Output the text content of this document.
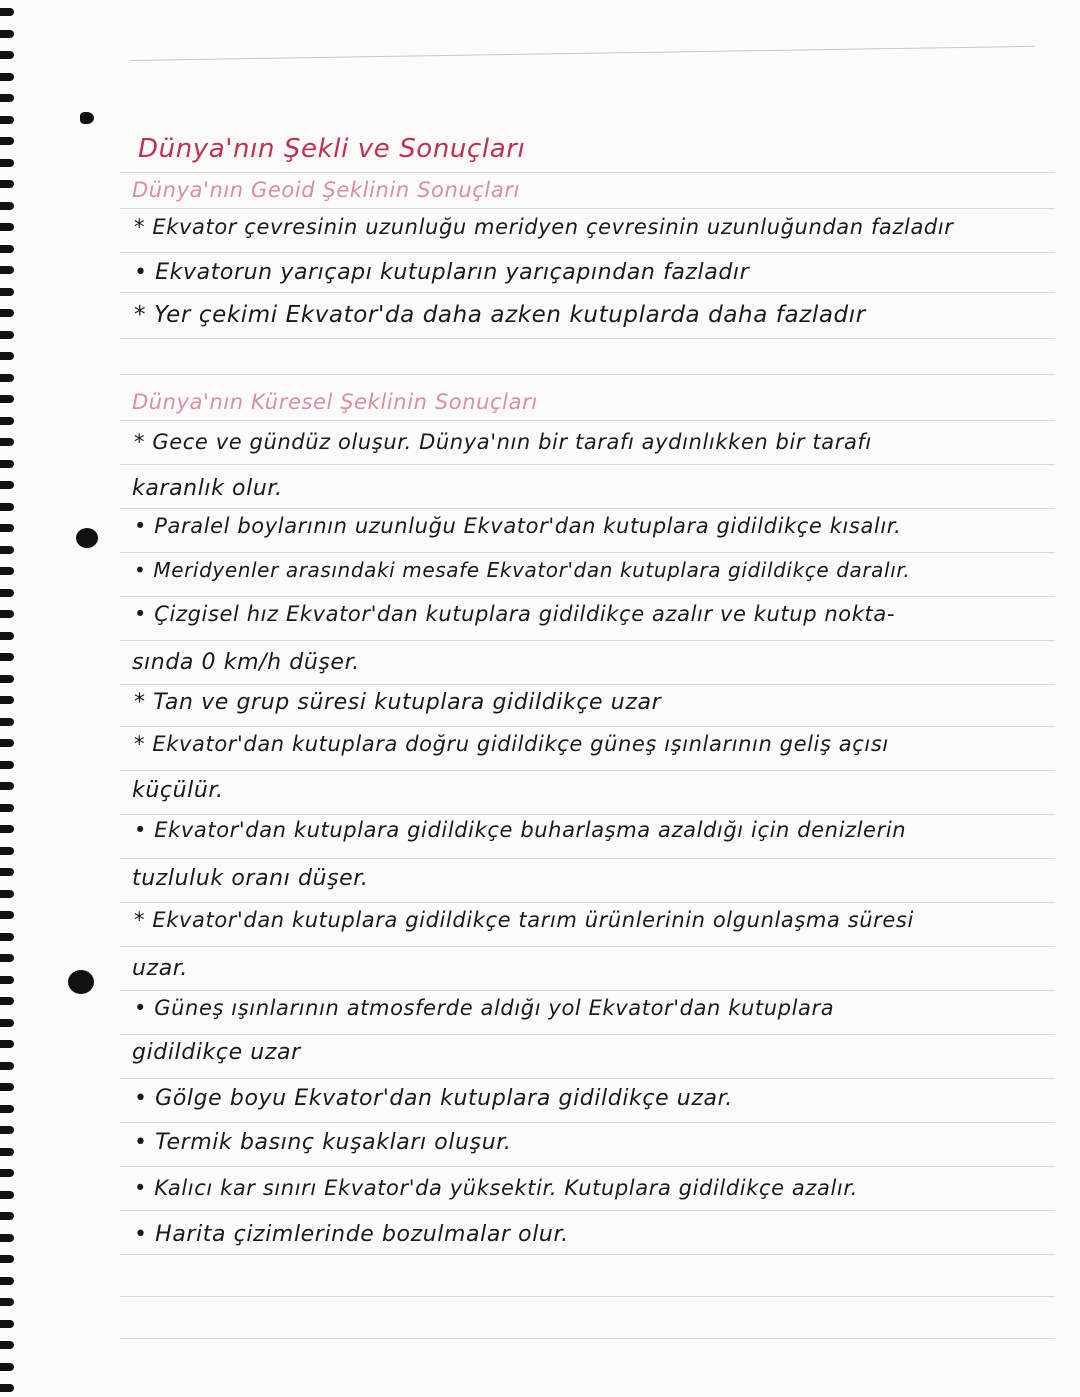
Dünya'nın Şekli ve Sonuçları
Dünya'nın Geoid Şeklinin Sonuçları
* Ekvator çevresinin uzunluğu meridyen çevresinin uzunluğundan fazladır
• Ekvatorun yarıçapı kutupların yarıçapından fazladır
* Yer çekimi Ekvator'da daha azken kutuplarda daha fazladır
Dünya'nın Küresel Şeklinin Sonuçları
* Gece ve gündüz oluşur. Dünya'nın bir tarafı aydınlıkken bir tarafı
karanlık olur.
• Paralel boylarının uzunluğu Ekvator'dan kutuplara gidildikçe kısalır.
• Meridyenler arasındaki mesafe Ekvator'dan kutuplara gidildikçe daralır.
• Çizgisel hız Ekvator'dan kutuplara gidildikçe azalır ve kutup nokta-
sında 0 km/h düşer.
* Tan ve grup süresi kutuplara gidildikçe uzar
* Ekvator'dan kutuplara doğru gidildikçe güneş ışınlarının geliş açısı
küçülür.
• Ekvator'dan kutuplara gidildikçe buharlaşma azaldığı için denizlerin
tuzluluk oranı düşer.
* Ekvator'dan kutuplara gidildikçe tarım ürünlerinin olgunlaşma süresi
uzar.
• Güneş ışınlarının atmosferde aldığı yol Ekvator'dan kutuplara
gidildikçe uzar
• Gölge boyu Ekvator'dan kutuplara gidildikçe uzar.
• Termik basınç kuşakları oluşur.
• Kalıcı kar sınırı Ekvator'da yüksektir. Kutuplara gidildikçe azalır.
• Harita çizimlerinde bozulmalar olur.
